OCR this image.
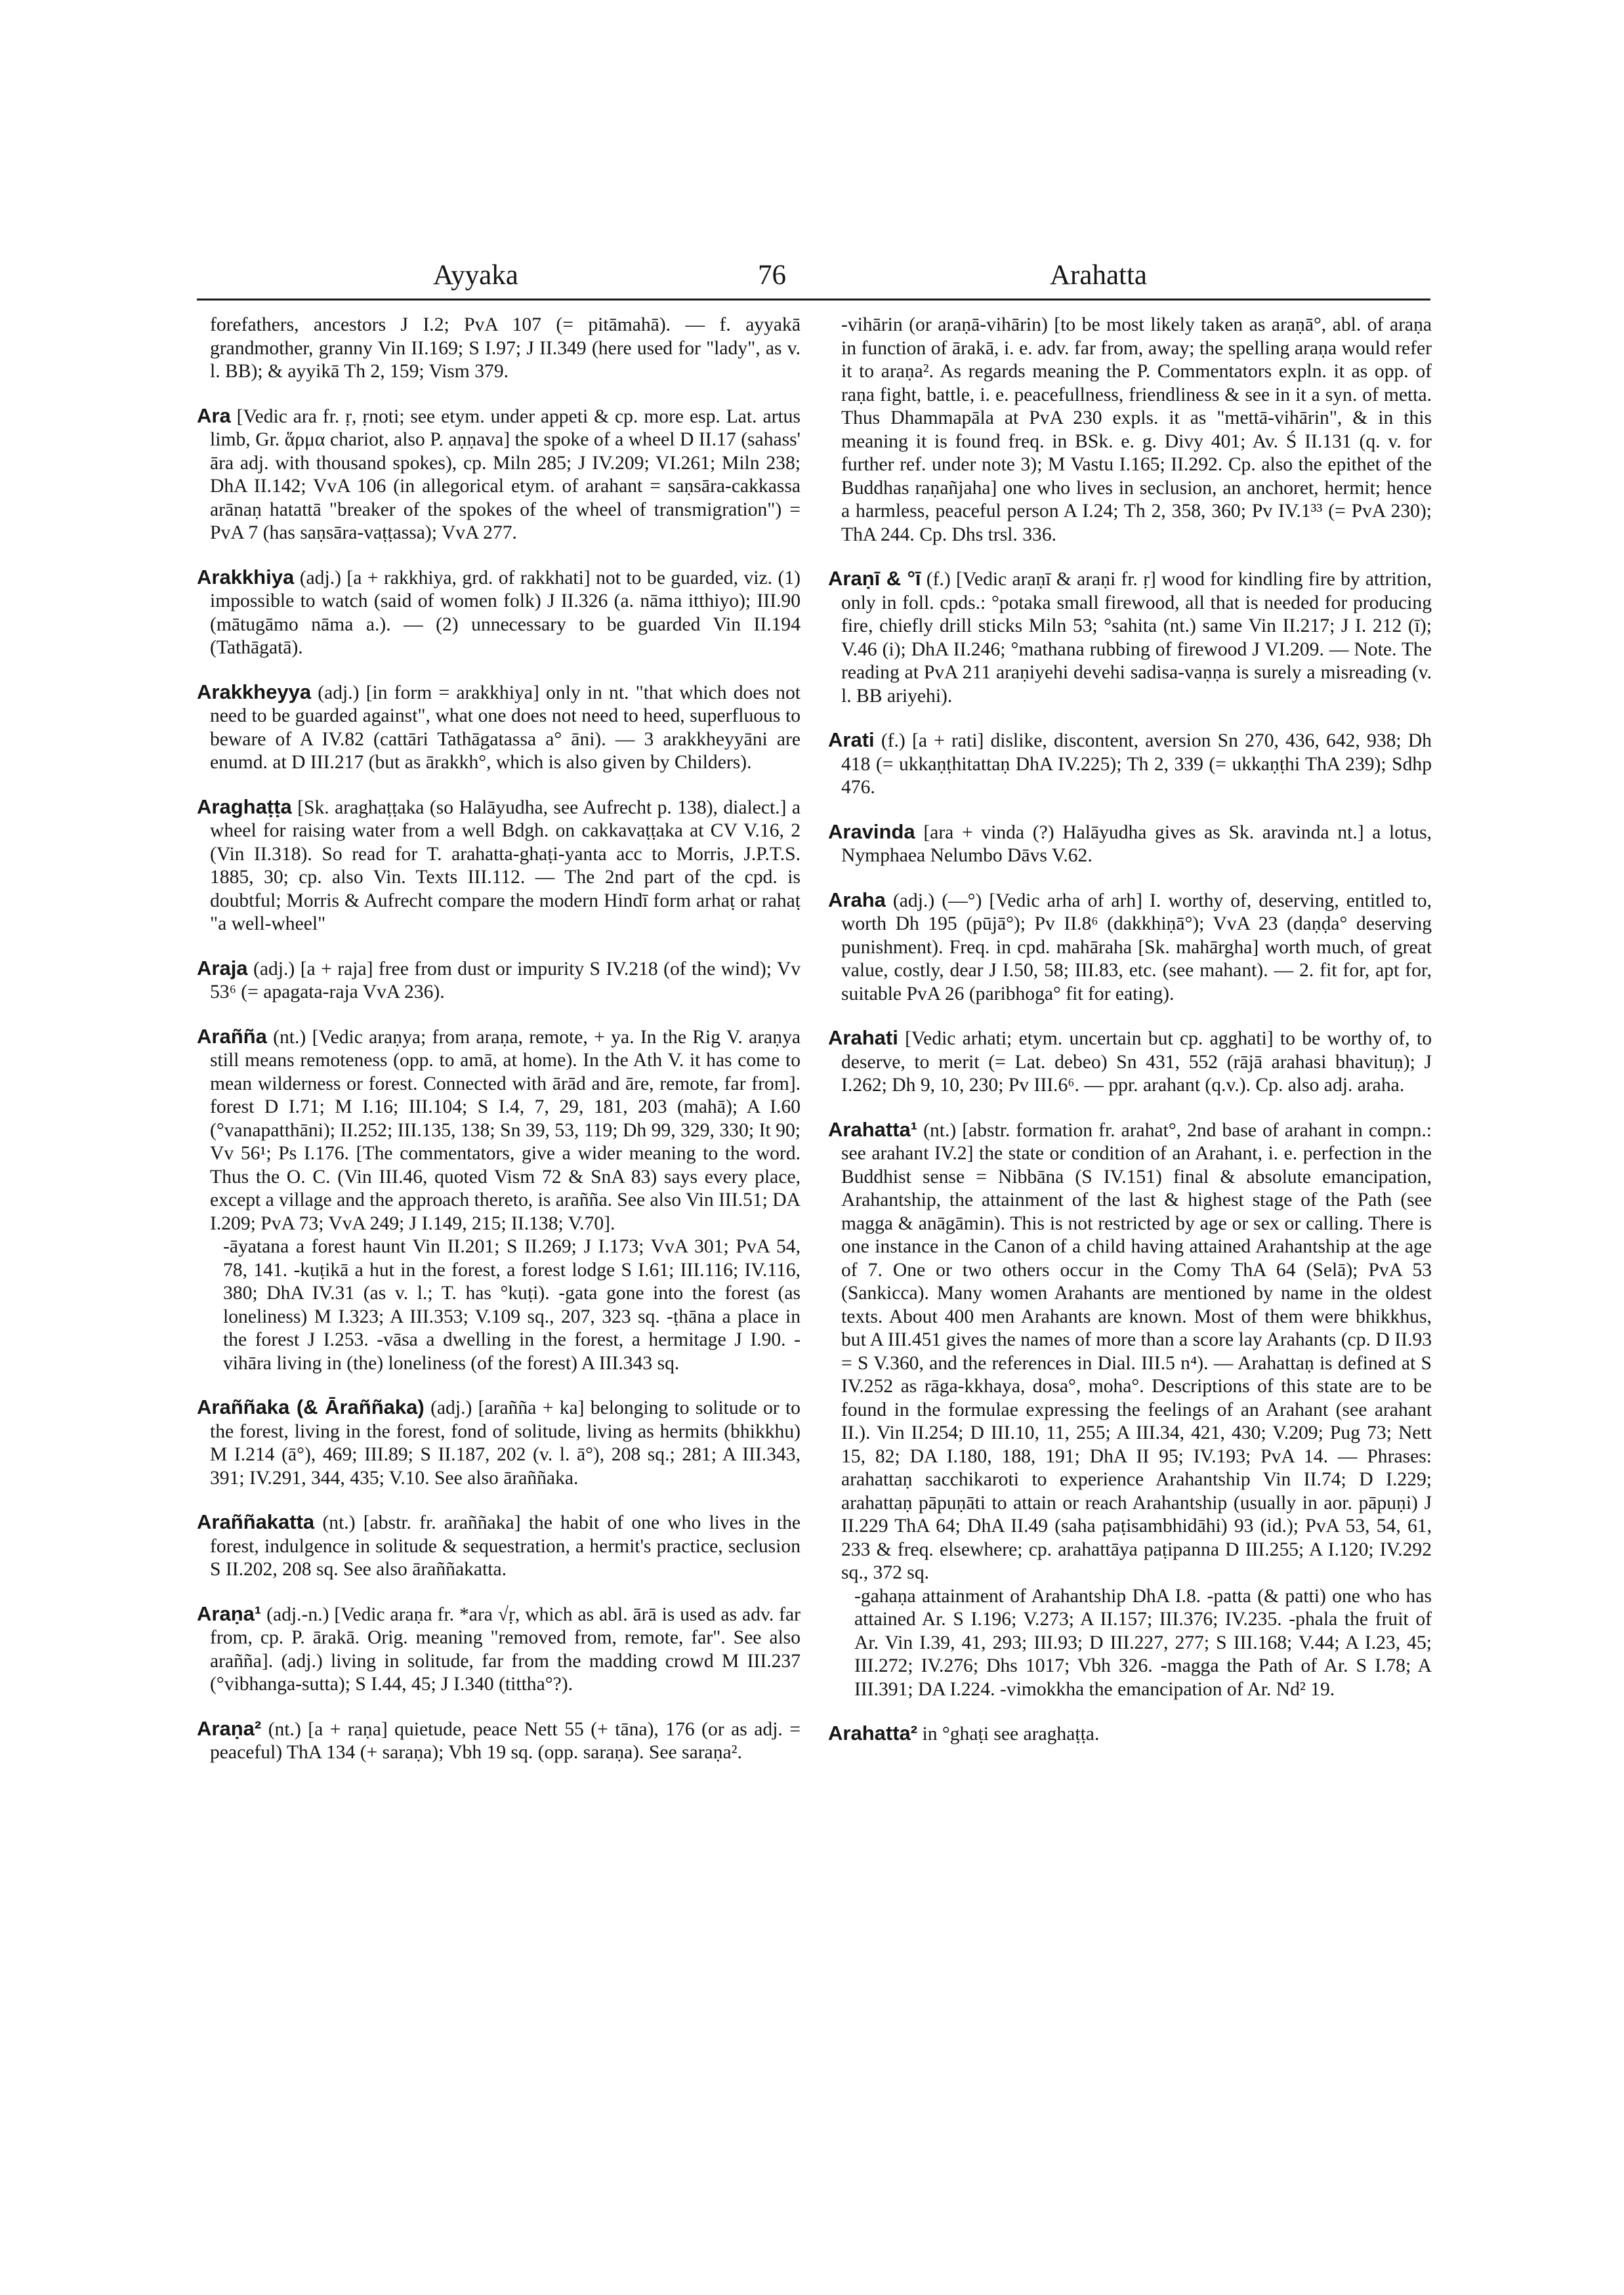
Ayyaka	76	Arahatta

forefathers, ancestors J I.2; PvA 107 (= pitāmahā). — f. ayyakā grandmother, granny Vin II.169; S I.97; J II.349 (here used for "lady", as v. l. BB); & ayyikā Th 2, 159; Vism 379.

Ara [Vedic ara fr. ṛ, ṛnoti; see etym. under appeti & cp. more esp. Lat. artus limb, Gr. ἅρμα chariot, also P. aṇṇava] the spoke of a wheel D II.17 (sahass' āra adj. with thousand spokes), cp. Miln 285; J IV.209; VI.261; Miln 238; DhA II.142; VvA 106 (in allegorical etym. of arahant = saṇsāra-cakkassa arānaṇ hatattā "breaker of the spokes of the wheel of transmigration") = PvA 7 (has saṇsāra-vaṭṭassa); VvA 277.

Arakkhiya (adj.) [a + rakkhiya, grd. of rakkhati] not to be guarded, viz. (1) impossible to watch (said of women folk) J II.326 (a. nāma itthiyo); III.90 (mātugāmo nāma a.). — (2) unnecessary to be guarded Vin II.194 (Tathāgatā).

Arakkheyya (adj.) [in form = arakkhiya] only in nt. "that which does not need to be guarded against", what one does not need to heed, superfluous to beware of A IV.82 (cattāri Tathāgatassa a° āni). — 3 arakkheyyāni are enumd. at D III.217 (but as ārakkh°, which is also given by Childers).

Araghaṭṭa [Sk. araghaṭṭaka (so Halāyudha, see Aufrecht p. 138), dialect.] a wheel for raising water from a well Bdgh. on cakkavaṭṭaka at CV V.16, 2 (Vin II.318). So read for T. arahatta-ghaṭi-yanta acc to Morris, J.P.T.S. 1885, 30; cp. also Vin. Texts III.112. — The 2nd part of the cpd. is doubtful; Morris & Aufrecht compare the modern Hindī form arhaṭ or rahaṭ "a well-wheel"

Araja (adj.) [a + raja] free from dust or impurity S IV.218 (of the wind); Vv 53⁶ (= apagata-raja VvA 236).

Arañña (nt.) [Vedic araṇya; from araṇa, remote, + ya. In the Rig V. araṇya still means remoteness (opp. to amā, at home). In the Ath V. it has come to mean wilderness or forest. Connected with ārād and āre, remote, far from]. forest D I.71; M I.16; III.104; S I.4, 7, 29, 181, 203 (mahā); A I.60 (°vanapatthāni); II.252; III.135, 138; Sn 39, 53, 119; Dh 99, 329, 330; It 90; Vv 56¹; Ps I.176. [The commentators, give a wider meaning to the word. Thus the O. C. (Vin III.46, quoted Vism 72 & SnA 83) says every place, except a village and the approach thereto, is arañña. See also Vin III.51; DA I.209; PvA 73; VvA 249; J I.149, 215; II.138; V.70].

-āyatana a forest haunt Vin II.201; S II.269; J I.173; VvA 301; PvA 54, 78, 141. -kuṭikā a hut in the forest, a forest lodge S I.61; III.116; IV.116, 380; DhA IV.31 (as v. l.; T. has °kuṭi). -gata gone into the forest (as loneliness) M I.323; A III.353; V.109 sq., 207, 323 sq. -ṭhāna a place in the forest J I.253. -vāsa a dwelling in the forest, a hermitage J I.90. -vihāra living in (the) loneliness (of the forest) A III.343 sq.

Araññaka (& Āraññaka) (adj.) [arañña + ka] belonging to solitude or to the forest, living in the forest, fond of solitude, living as hermits (bhikkhu) M I.214 (ā°), 469; III.89; S II.187, 202 (v. l. ā°), 208 sq.; 281; A III.343, 391; IV.291, 344, 435; V.10. See also āraññaka.

Araññakatta (nt.) [abstr. fr. araññaka] the habit of one who lives in the forest, indulgence in solitude & sequestration, a hermit's practice, seclusion S II.202, 208 sq. See also āraññakatta.

Araṇa¹ (adj.-n.) [Vedic araṇa fr. *ara √ṛ, which as abl. ārā is used as adv. far from, cp. P. ārakā. Orig. meaning "removed from, remote, far". See also arañña]. (adj.) living in solitude, far from the madding crowd M III.237 (°vibhanga-sutta); S I.44, 45; J I.340 (tittha°?).

Araṇa² (nt.) [a + raṇa] quietude, peace Nett 55 (+ tāna), 176 (or as adj. = peaceful) ThA 134 (+ saraṇa); Vbh 19 sq. (opp. saraṇa). See saraṇa².

-vihārin (or araṇā-vihārin) [to be most likely taken as araṇā°, abl. of araṇa in function of ārakā, i. e. adv. far from, away; the spelling araṇa would refer it to araṇa². As regards meaning the P. Commentators expln. it as opp. of raṇa fight, battle, i. e. peacefullness, friendliness & see in it a syn. of metta. Thus Dhammapāla at PvA 230 expls. it as "mettā-vihārin", & in this meaning it is found freq. in BSk. e. g. Divy 401; Av. Ś II.131 (q. v. for further ref. under note 3); M Vastu I.165; II.292. Cp. also the epithet of the Buddhas raṇañjaha] one who lives in seclusion, an anchoret, hermit; hence a harmless, peaceful person A I.24; Th 2, 358, 360; Pv IV.1³³ (= PvA 230); ThA 244. Cp. Dhs trsl. 336.

Araṇī & °ī (f.) [Vedic araṇī & araṇi fr. ṛ] wood for kindling fire by attrition, only in foll. cpds.: °potaka small firewood, all that is needed for producing fire, chiefly drill sticks Miln 53; °sahita (nt.) same Vin II.217; J I. 212 (ī); V.46 (i); DhA II.246; °mathana rubbing of firewood J VI.209. — Note. The reading at PvA 211 araṇiyehi devehi sadisa-vaṇṇa is surely a misreading (v. l. BB ariyehi).

Arati (f.) [a + rati] dislike, discontent, aversion Sn 270, 436, 642, 938; Dh 418 (= ukkaṇṭhitattaṇ DhA IV.225); Th 2, 339 (= ukkaṇṭhi ThA 239); Sdhp 476.

Aravinda [ara + vinda (?) Halāyudha gives as Sk. aravinda nt.] a lotus, Nymphaea Nelumbo Dāvs V.62.

Araha (adj.) (—°) [Vedic arha of arh] I. worthy of, deserving, entitled to, worth Dh 195 (pūjā°); Pv II.8⁶ (dakkhiṇā°); VvA 23 (daṇḍa° deserving punishment). Freq. in cpd. mahāraha [Sk. mahārgha] worth much, of great value, costly, dear J I.50, 58; III.83, etc. (see mahant). — 2. fit for, apt for, suitable PvA 26 (paribhoga° fit for eating).

Arahati [Vedic arhati; etym. uncertain but cp. agghati] to be worthy of, to deserve, to merit (= Lat. debeo) Sn 431, 552 (rājā arahasi bhavituṇ); J I.262; Dh 9, 10, 230; Pv III.6⁶. — ppr. arahant (q.v.). Cp. also adj. araha.

Arahatta¹ (nt.) [abstr. formation fr. arahat°, 2nd base of arahant in compn.: see arahant IV.2] the state or condition of an Arahant, i. e. perfection in the Buddhist sense = Nibbāna (S IV.151) final & absolute emancipation, Arahantship, the attainment of the last & highest stage of the Path (see magga & anāgāmin). This is not restricted by age or sex or calling. There is one instance in the Canon of a child having attained Arahantship at the age of 7. One or two others occur in the Comy ThA 64 (Selā); PvA 53 (Sankicca). Many women Arahants are mentioned by name in the oldest texts. About 400 men Arahants are known. Most of them were bhikkhus, but A III.451 gives the names of more than a score lay Arahants (cp. D II.93 = S V.360, and the references in Dial. III.5 n⁴). — Arahattaṇ is defined at S IV.252 as rāga-kkhaya, dosa°, moha°. Descriptions of this state are to be found in the formulae expressing the feelings of an Arahant (see arahant II.). Vin II.254; D III.10, 11, 255; A III.34, 421, 430; V.209; Pug 73; Nett 15, 82; DA I.180, 188, 191; DhA II 95; IV.193; PvA 14. — Phrases: arahattaṇ sacchikaroti to experience Arahantship Vin II.74; D I.229; arahattaṇ pāpuṇāti to attain or reach Arahantship (usually in aor. pāpuṇi) J II.229 ThA 64; DhA II.49 (saha paṭisambhidāhi) 93 (id.); PvA 53, 54, 61, 233 & freq. elsewhere; cp. arahattāya paṭipanna D III.255; A I.120; IV.292 sq., 372 sq.

-gahaṇa attainment of Arahantship DhA I.8. -patta (& patti) one who has attained Ar. S I.196; V.273; A II.157; III.376; IV.235. -phala the fruit of Ar. Vin I.39, 41, 293; III.93; D III.227, 277; S III.168; V.44; A I.23, 45; III.272; IV.276; Dhs 1017; Vbh 326. -magga the Path of Ar. S I.78; A III.391; DA I.224. -vimokkha the emancipation of Ar. Nd² 19.

Arahatta² in °ghaṭi see araghaṭṭa.
